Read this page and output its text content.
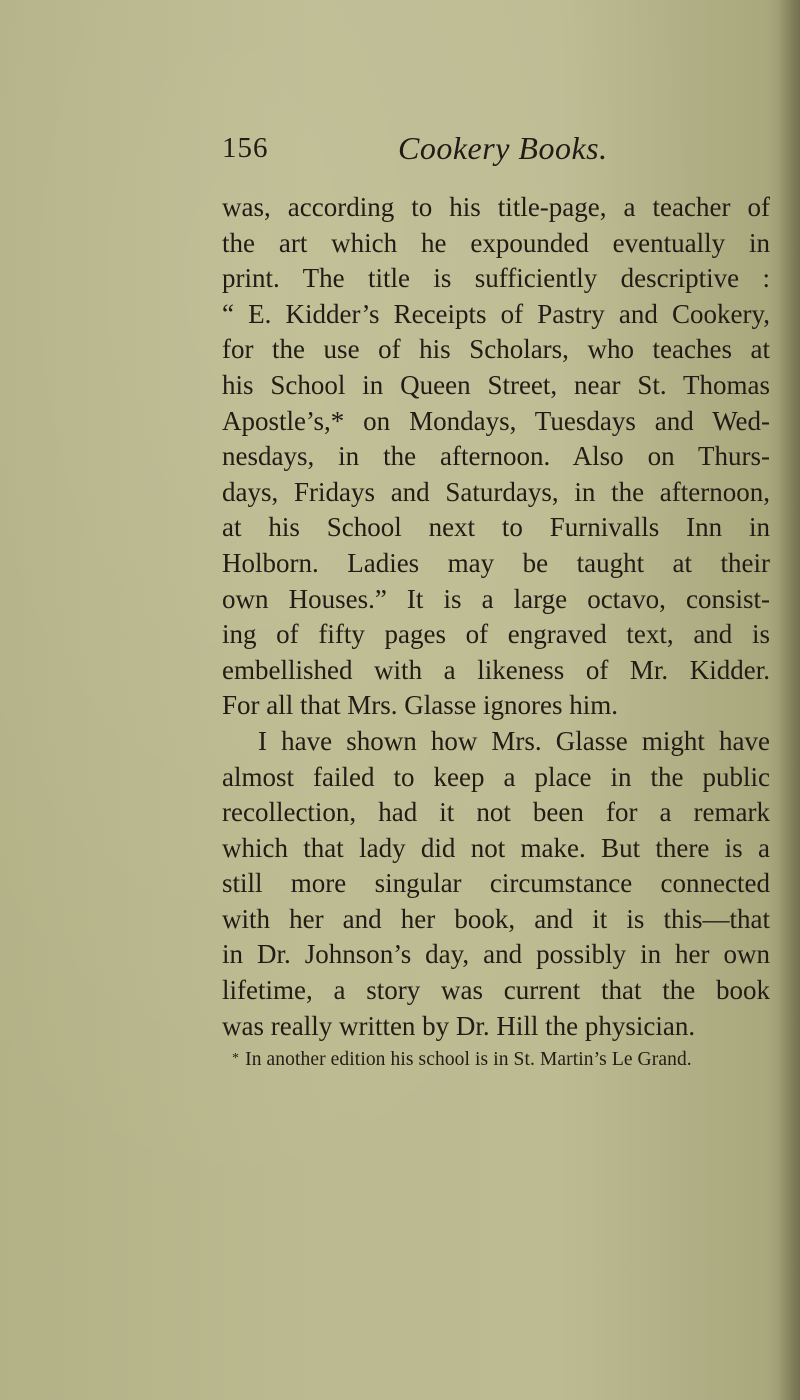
156	Cookery Books.

was, according to his title-page, a teacher of
the art which he expounded eventually in
print. The title is sufficiently descriptive :
“ E. Kidder’s Receipts of Pastry and Cookery,
for the use of his Scholars, who teaches at
his School in Queen Street, near St. Thomas
Apostle’s,* on Mondays, Tuesdays and Wed-
nesdays, in the afternoon. Also on Thurs-
days, Fridays and Saturdays, in the afternoon,
at his School next to Furnivalls Inn in
Holborn. Ladies may be taught at their
own Houses.” It is a large octavo, consist-
ing of fifty pages of engraved text, and is
embellished with a likeness of Mr. Kidder.
For all that Mrs. Glasse ignores him.
I have shown how Mrs. Glasse might have
almost failed to keep a place in the public
recollection, had it not been for a remark
which that lady did not make. But there is a
still more singular circumstance connected
with her and her book, and it is this—that
in Dr. Johnson’s day, and possibly in her own
lifetime, a story was current that the book
was really written by Dr. Hill the physician.

* In another edition his school is in St. Martin’s Le Grand.
